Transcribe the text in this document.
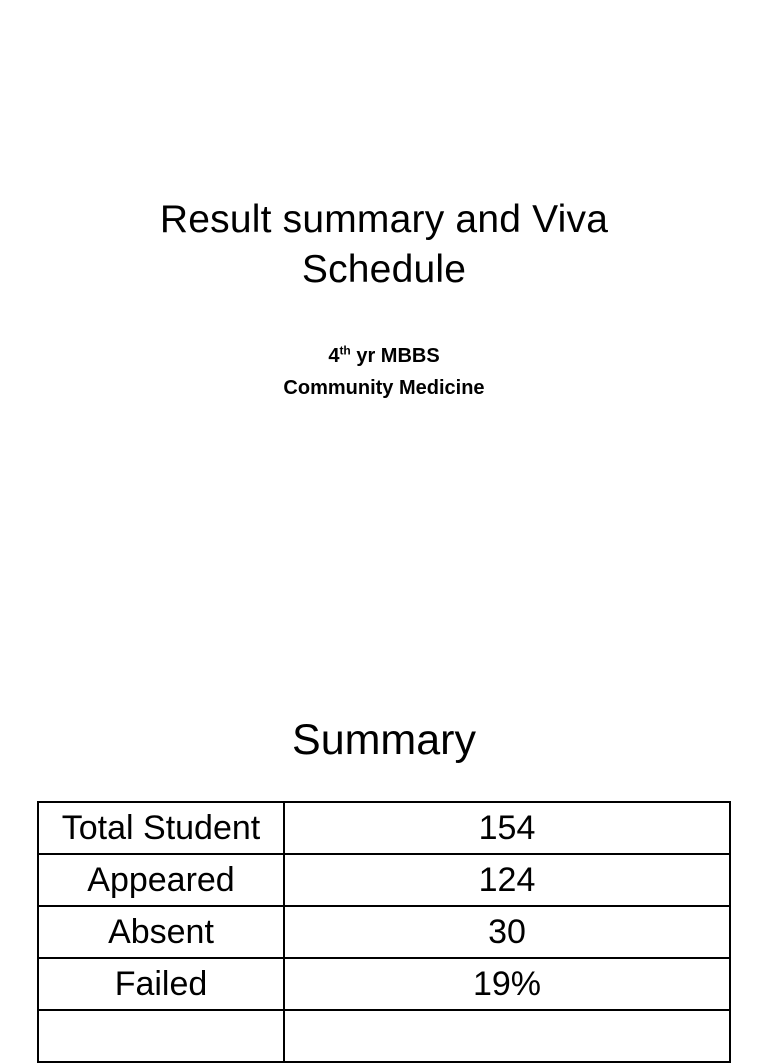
Result summary and Viva
Schedule
4th yr MBBS
Community Medicine
Summary
Total Student	154
Appeared	124
Absent	30
Failed	19%
